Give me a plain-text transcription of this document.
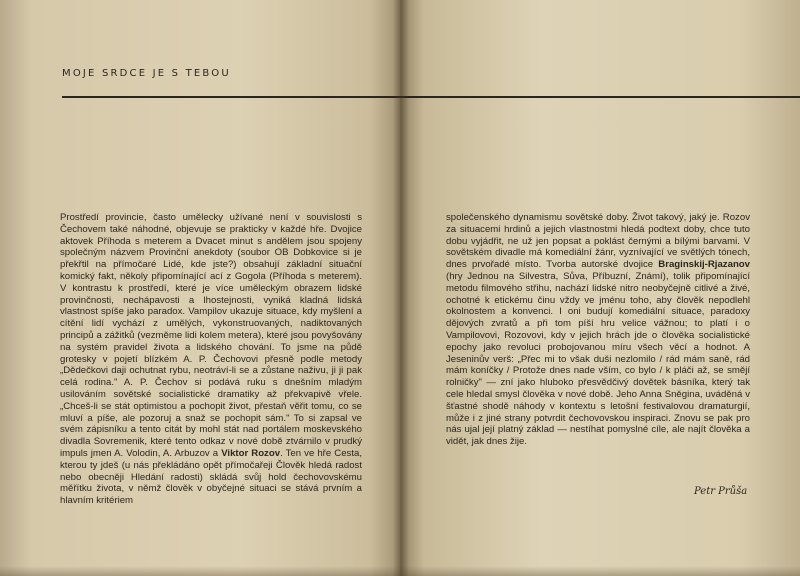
MOJE SRDCE JE S TEBOU

Prostředí provincie, často umělecky užívané není v souvislosti s Čechovem také náhodné, objevuje se prakticky v každé hře. Dvojice aktovek Příhoda s meterem a Dvacet minut s andělem jsou spojeny společným názvem Provinční anekdoty (soubor OB Dobkovice si je překřtil na přímočaré Lidé, kde jste?) obsahují základní situační komický fakt, několy připomínající ací z Gogola (Příhoda s meterem). V kontrastu k prostředí, které je více uměleckým obrazem lidské provinčnosti, nechápavosti a lhostejnosti, vyniká kladná lidská vlastnost spíše jako paradox. Vampilov ukazuje situace, kdy myšlení a cítění lidí vychází z umělých, vykonstruovaných, nadiktovaných principů a zážitků (vezměme lidi kolem meterа), které jsou povyšovány na systém pravidel života a lidského chování. To jsme na půdě grotesky v pojetí blízkém A. P. Čechovovi přesně podle metody „Dědečkovi daji ochutnat rybu, neotráví-li se a zůstane naživu, ji ji pak celá rodina." A. P. Čechov si podává ruku s dnešním mladým usilováním sovětské socialistické dramatiky až překvapivě vřele. „Chceš-li se stát optimistou a pochopit život, přestaň věřit tomu, co se mluví a píše, ale pozoruj a snaž se pochopit sám." To si zapsal ve svém zápisníku a tento citát by mohl stát nad portálem moskevského divadla Sovremenik, které tento odkaz v nové době ztvárnilo v prudký impuls jmen A. Volodin, A. Arbuzov a Viktor Rozov. Ten ve hře Cesta, kterou ty jdeš (u nás překládáno opět přímočařeji Člověk hledá radost nebo obecněji Hledání radosti) skládá svůj hold čechovovskému měřítku života, v němž člověk v obyčejné situaci se stává prvním a hlavním kritériem

společenského dynamismu sovětské doby. Život takový, jaký je. Rozov za situacemi hrdinů a jejich vlastnostmi hledá podtext doby, chce tuto dobu vyjádřit, ne už jen popsat a poklást černými a bílými barvami. V sovětském divadle má komediální žánr, vyznívající ve světlých tónech, dnes prvořadé místo. Tvorba autorské dvojice Braginskij-Rjazanov (hry Jednou na Silvestra, Sůva, Příbuzní, Známí), tolik připomínající metodu filmového střihu, nachází lidské nitro neobyčejně citlivé a živé, ochotné k etickému činu vždy ve jménu toho, aby člověk nepodlehl okolnostem a konvenci. I oni budují komediální situace, paradoxy dějových zvratů a při tom píší hru velice vážnou; to platí i o Vampilovovi, Rozovovi, kdy v jejich hrách jde o člověka socialistické epochy jako revoluci probojovanou míru všech věcí a hodnot. A Jeseninův verš: „Přec mi to však duši nezlomilo / rád mám saně, rád mám koníčky / Protože dnes nade vším, co bylo / k pláči až, se smějí rolničky" — zní jako hluboko přesvědčivý dovětek básníka, který tak cele hledal smysl člověka v nové době. Jeho Anna Sněgina, uváděná v šťastné shodě náhody v kontextu s letošní festivalovou dramaturgií, může i z jiné strany potvrdit čechovovskou inspiraci. Znovu se pak pro nás ujal její platný základ — nestíhat pomyslné cíle, ale najít člověka a vidět, jak dnes žije.

Petr Průša
